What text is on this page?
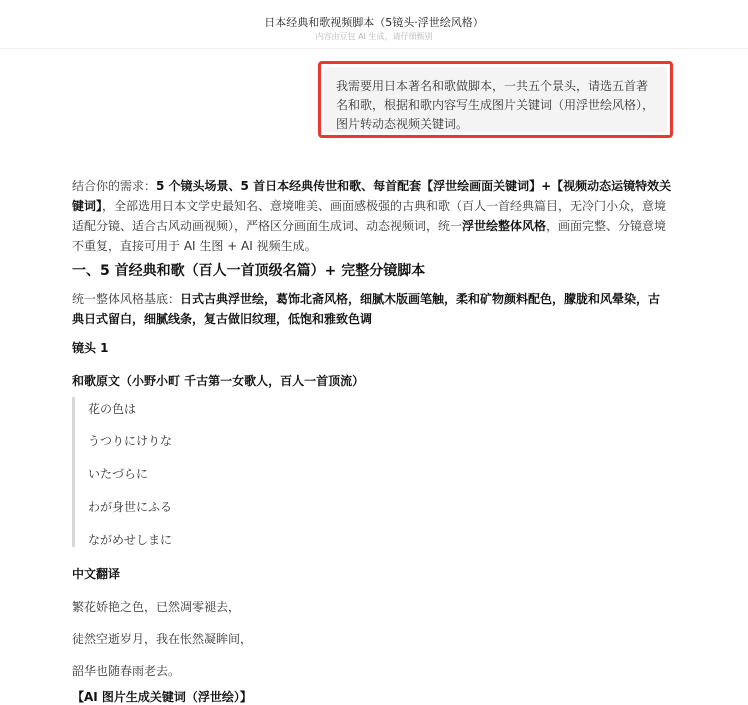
日本经典和歌视频脚本（5镜头·浮世绘风格）
内容由豆包 AI 生成，请仔细甄别
我需要用日本著名和歌做脚本，一共五个景头，请选五首著名和歌，根据和歌内容写生成图片关键词（用浮世绘风格），图片转动态视频关键词。
结合你的需求：5 个镜头场景、5 首日本经典传世和歌、每首配套【浮世绘画面关键词】+【视频动态运镜特效关键词】，全部选用日本文学史最知名、意境唯美、画面感极强的古典和歌（百人一首经典篇目，无冷门小众，意境适配分镜、适合古风动画视频），严格区分画面生成词、动态视频词，统一浮世绘整体风格，画面完整、分镜意境不重复，直接可用于 AI 生图 + AI 视频生成。
一、5 首经典和歌（百人一首顶级名篇）+ 完整分镜脚本
统一整体风格基底：日式古典浮世绘，葛饰北斋风格，细腻木版画笔触，柔和矿物颜料配色，朦胧和风晕染，古典日式留白，细腻线条，复古做旧纹理，低饱和雅致色调
镜头 1
和歌原文（小野小町 千古第一女歌人，百人一首顶流）
花の色は
うつりにけりな
いたづらに
わが身世にふる
ながめせしまに
中文翻译
繁花娇艳之色，已然凋零褪去，
徒然空逝岁月，我在怅然凝眸间，
韶华也随春雨老去。
【AI 图片生成关键词（浮世绘）】
